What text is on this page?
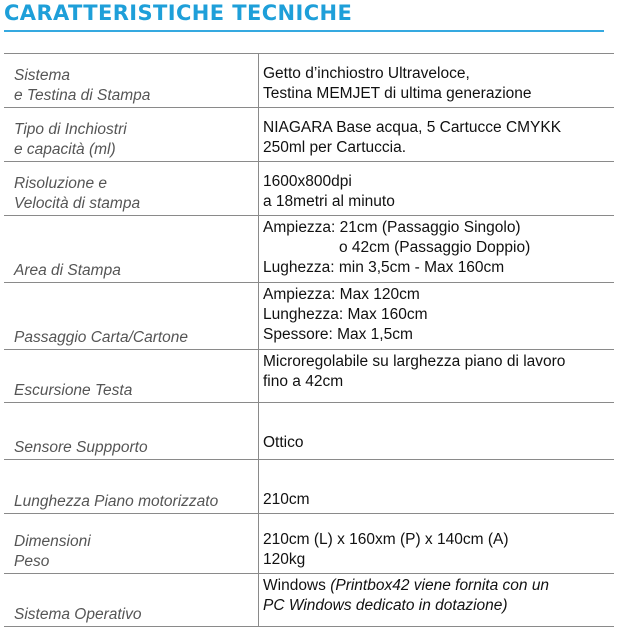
CARATTERISTICHE TECNICHE
Sistema
e Testina di Stampa	Getto d’inchiostro Ultraveloce,
Testina MEMJET di ultima generazione

Tipo di Inchiostri
e capacità (ml)	NIAGARA Base acqua, 5 Cartucce CMYKK
250ml per Cartuccia.

Risoluzione e
Velocità di stampa	1600x800dpi
a 18metri al minuto

Area di Stampa	Ampiezza: 21cm (Passaggio Singolo)
o 42cm (Passaggio Doppio)
Lughezza: min 3,5cm - Max 160cm

Passaggio Carta/Cartone	Ampiezza: Max 120cm
Lunghezza: Max 160cm
Spessore: Max 1,5cm

Escursione Testa	Microregolabile su larghezza piano di lavoro
fino a 42cm

Sensore Suppporto	Ottico

Lunghezza Piano motorizzato	210cm

Dimensioni
Peso	210cm (L) x 160xm (P) x 140cm (A)
120kg

Sistema Operativo	Windows (Printbox42 viene fornita con un
PC Windows dedicato in dotazione)
